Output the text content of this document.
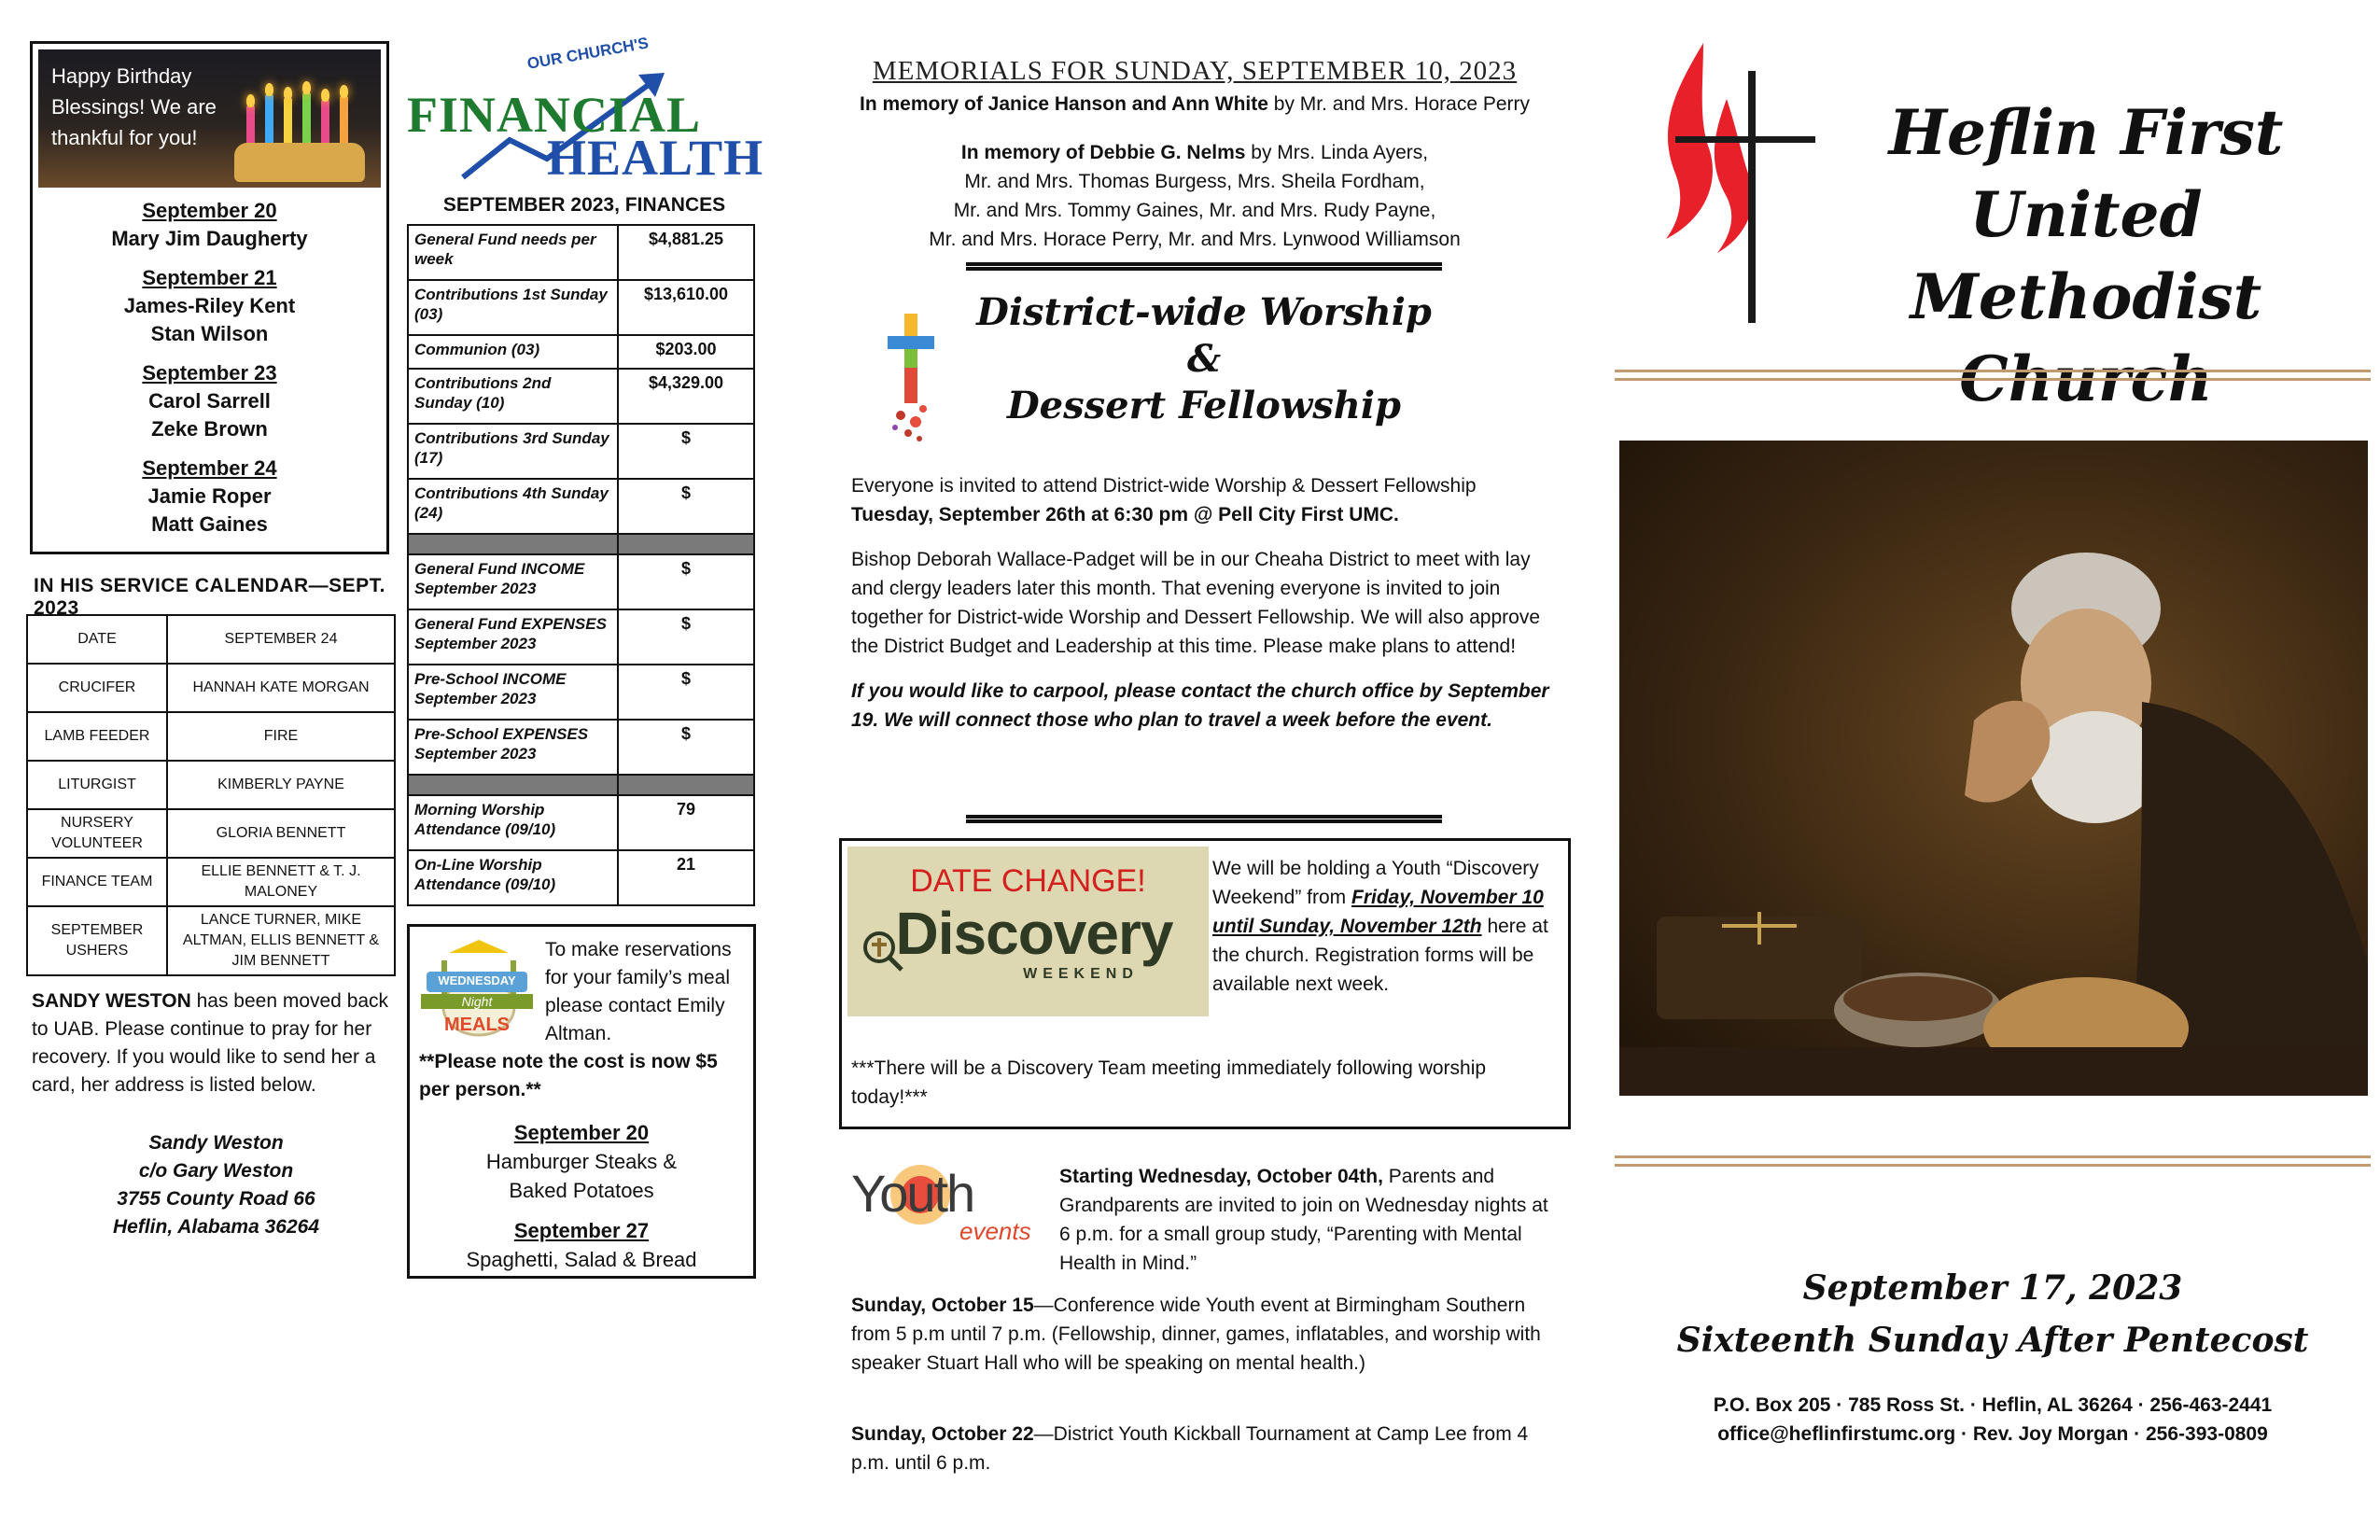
Happy Birthday Blessings! We are thankful for you!
September 20
Mary Jim Daugherty
September 21
James-Riley Kent
Stan Wilson
September 23
Carol Sarrell
Zeke Brown
September 24
Jamie Roper
Matt Gaines
IN HIS SERVICE CALENDAR—SEPT. 2023
DATE	SEPTEMBER 24
CRUCIFER	HANNAH KATE MORGAN
LAMB FEEDER	FIRE
LITURGIST	KIMBERLY PAYNE
NURSERY VOLUNTEER	GLORIA BENNETT
FINANCE TEAM	ELLIE BENNETT & T. J. MALONEY
SEPTEMBER USHERS	LANCE TURNER, MIKE ALTMAN, ELLIS BENNETT & JIM BENNETT
SANDY WESTON has been moved back to UAB. Please continue to pray for her recovery. If you would like to send her a card, her address is listed below.
Sandy Weston
c/o Gary Weston
3755 County Road 66
Heflin, Alabama 36264
OUR CHURCH'S
FINANCIAL
HEALTH
SEPTEMBER 2023, FINANCES
General Fund needs per week	$4,881.25
Contributions 1st Sunday (03)	$13,610.00
Communion (03)	$203.00
Contributions 2nd Sunday (10)	$4,329.00
Contributions 3rd Sunday (17)	$
Contributions 4th Sunday (24)	$

General Fund INCOME September 2023	$
General Fund EXPENSES September 2023	$
Pre-School INCOME September 2023	$
Pre-School EXPENSES September 2023	$

Morning Worship Attendance (09/10)	79
On-Line Worship Attendance (09/10)	21
WEDNESDAY
Night
MEALS
To make reservations for your family’s meal please contact Emily Altman.
**Please note the cost is now $5 per person.**
September 20
Hamburger Steaks &
Baked Potatoes
September 27
Spaghetti, Salad & Bread
MEMORIALS FOR SUNDAY, SEPTEMBER 10, 2023
In memory of Janice Hanson and Ann White by Mr. and Mrs. Horace Perry
In memory of Debbie G. Nelms by Mrs. Linda Ayers,
Mr. and Mrs. Thomas Burgess, Mrs. Sheila Fordham,
Mr. and Mrs. Tommy Gaines, Mr. and Mrs. Rudy Payne,
Mr. and Mrs. Horace Perry, Mr. and Mrs. Lynwood Williamson
District-wide Worship &
Dessert Fellowship

Everyone is invited to attend District-wide Worship & Dessert Fellowship
Tuesday, September 26th at 6:30 pm @ Pell City First UMC.

Bishop Deborah Wallace-Padget will be in our Cheaha District to meet with lay and clergy leaders later this month. That evening everyone is invited to join together for District-wide Worship and Dessert Fellowship. We will also approve the District Budget and Leadership at this time. Please make plans to attend!

If you would like to carpool, please contact the church office by September 19. We will connect those who plan to travel a week before the event.

DATE CHANGE!
Discovery
WEEKEND
We will be holding a Youth “Discovery Weekend” from Friday, November 10 until Sunday, November 12th here at the church. Registration forms will be available next week.
***There will be a Discovery Team meeting immediately following worship today!***
Youth
events
Starting Wednesday, October 04th, Parents and Grandparents are invited to join on Wednesday nights at 6 p.m. for a small group study, “Parenting with Mental Health in Mind.”
Sunday, October 15—Conference wide Youth event at Birmingham Southern from 5 p.m until 7 p.m. (Fellowship, dinner, games, inflatables, and worship with speaker Stuart Hall who will be speaking on mental health.)
Sunday, October 22—District Youth Kickball Tournament at Camp Lee from 4 p.m. until 6 p.m.
Heflin First United
Methodist Church
September 17, 2023
Sixteenth Sunday After Pentecost
P.O. Box 205 · 785 Ross St. · Heflin, AL 36264 · 256-463-2441
office@heflinfirstumc.org · Rev. Joy Morgan · 256-393-0809
